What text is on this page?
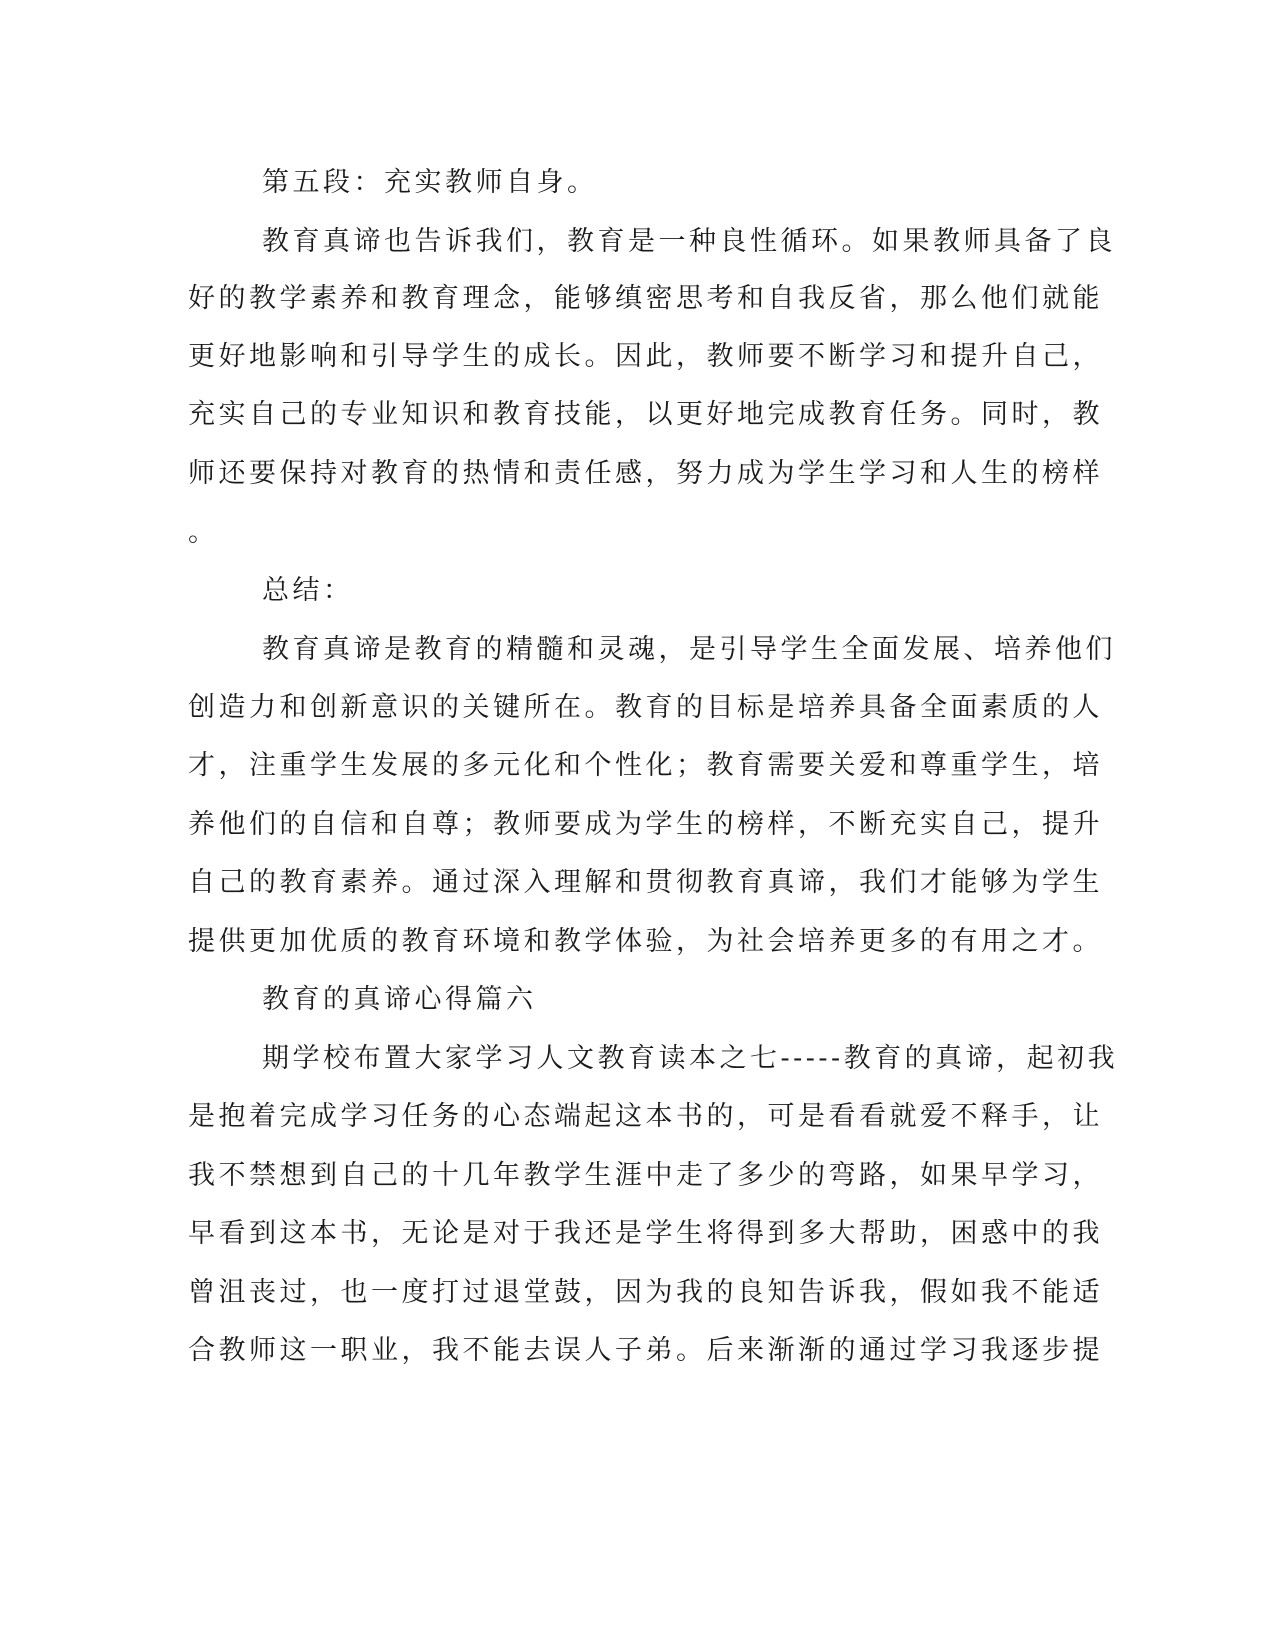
第五段：充实教师自身。
教育真谛也告诉我们，教育是一种良性循环。如果教师具备了良
好的教学素养和教育理念，能够缜密思考和自我反省，那么他们就能
更好地影响和引导学生的成长。因此，教师要不断学习和提升自己，
充实自己的专业知识和教育技能，以更好地完成教育任务。同时，教
师还要保持对教育的热情和责任感，努力成为学生学习和人生的榜样
。
总结：
教育真谛是教育的精髓和灵魂，是引导学生全面发展、培养他们
创造力和创新意识的关键所在。教育的目标是培养具备全面素质的人
才，注重学生发展的多元化和个性化；教育需要关爱和尊重学生，培
养他们的自信和自尊；教师要成为学生的榜样，不断充实自己，提升
自己的教育素养。通过深入理解和贯彻教育真谛，我们才能够为学生
提供更加优质的教育环境和教学体验，为社会培养更多的有用之才。
教育的真谛心得篇六
期学校布置大家学习人文教育读本之七-----教育的真谛，起初我
是抱着完成学习任务的心态端起这本书的，可是看看就爱不释手，让
我不禁想到自己的十几年教学生涯中走了多少的弯路，如果早学习，
早看到这本书，无论是对于我还是学生将得到多大帮助，困惑中的我
曾沮丧过，也一度打过退堂鼓，因为我的良知告诉我，假如我不能适
合教师这一职业，我不能去误人子弟。后来渐渐的通过学习我逐步提
